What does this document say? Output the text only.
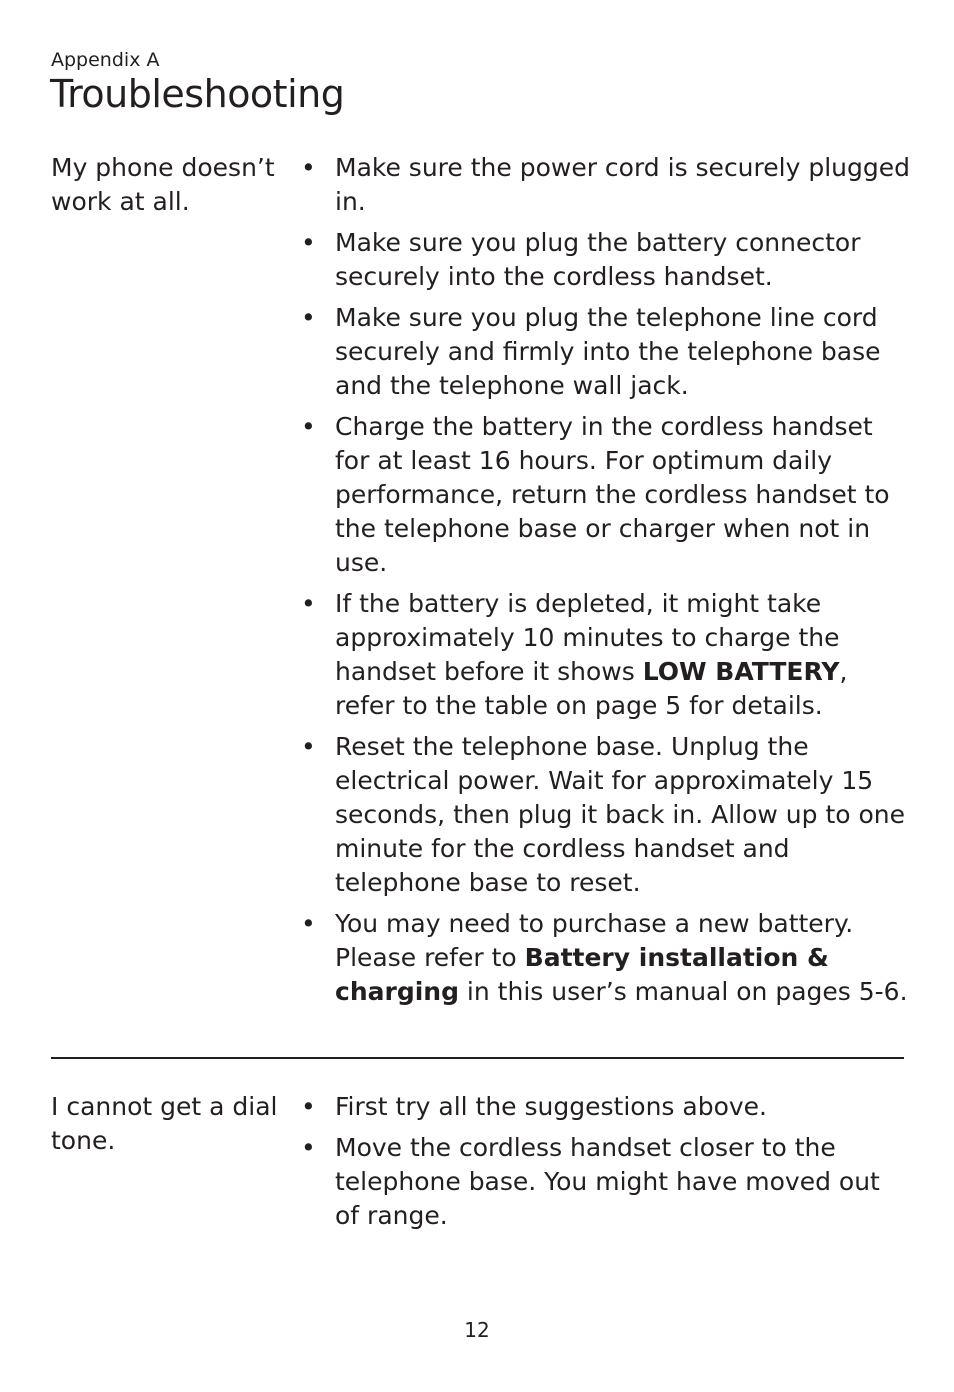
Appendix A
Troubleshooting
My phone doesn’t work at all.
•
Make sure the power cord is securely plugged in.
•
Make sure you plug the battery connector securely into the cordless handset.
•
Make sure you plug the telephone line cord securely and firmly into the telephone base and the telephone wall jack.
•
Charge the battery in the cordless handset for at least 16 hours. For optimum daily performance, return the cordless handset to the telephone base or charger when not in use.
•
If the battery is depleted, it might take approximately 10 minutes to charge the handset before it shows LOW BATTERY, refer to the table on page 5 for details.
•
Reset the telephone base. Unplug the electrical power. Wait for approximately 15 seconds, then plug it back in. Allow up to one minute for the cordless handset and telephone base to reset.
•
You may need to purchase a new battery. Please refer to Battery installation & charging in this user’s manual on pages 5-6.
I cannot get a dial tone.
•
First try all the suggestions above.
•
Move the cordless handset closer to the telephone base. You might have moved out of range.
12
